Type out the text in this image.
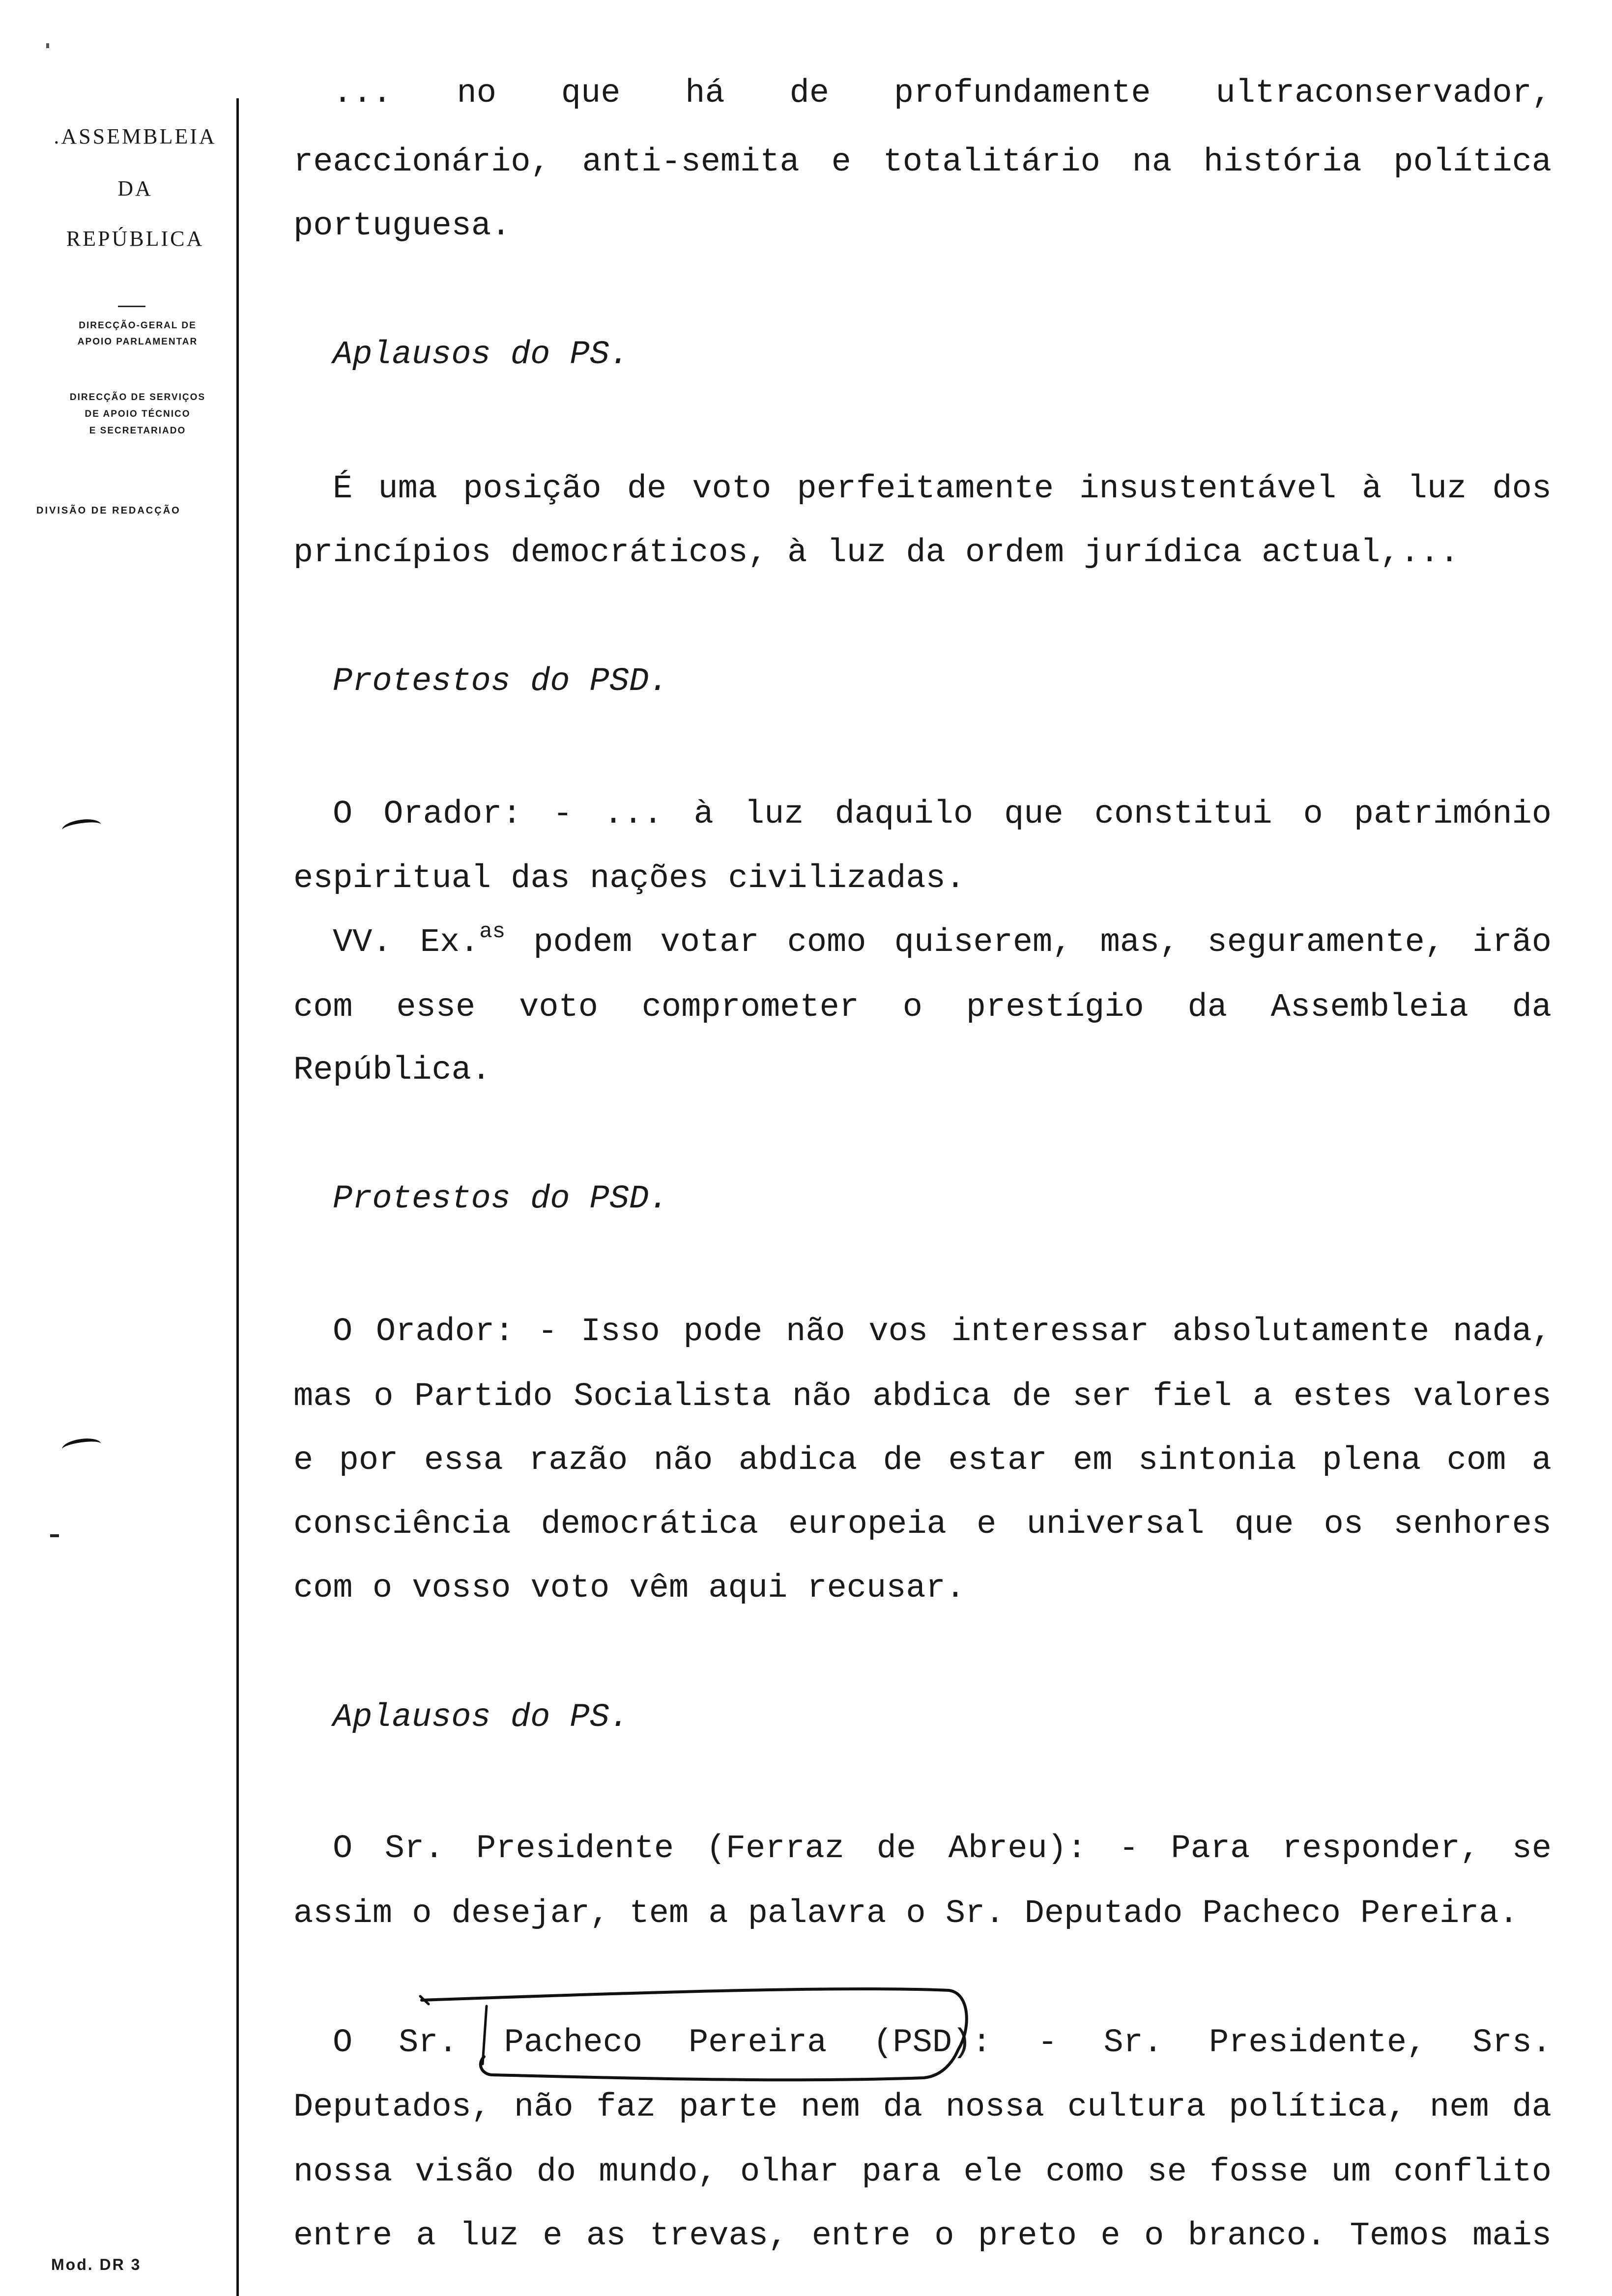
.ASSEMBLEIA
DA
REPÚBLICA
DIRECÇÃO-GERAL DE
APOIO PARLAMENTAR
DIRECÇÃO DE SERVIÇOS
DE APOIO TÉCNICO
E SECRETARIADO
DIVISÃO DE REDACÇÃO
Mod. DR 3
... no que há de profundamente ultraconservador,
reaccionário, anti-semita e totalitário na história política
portuguesa.
Aplausos do PS.
É uma posição de voto perfeitamente insustentável à luz dos
princípios democráticos, à luz da ordem jurídica actual,...
Protestos do PSD.
O Orador: - ... à luz daquilo que constitui o património
espiritual das nações civilizadas.
VV. Ex.$^{as}$ podem votar como quiserem, mas, seguramente, irão
com esse voto comprometer o prestígio da Assembleia da
República.
Protestos do PSD.
O Orador: - Isso pode não vos interessar absolutamente nada,
mas o Partido Socialista não abdica de ser fiel a estes valores
e por essa razão não abdica de estar em sintonia plena com a
consciência democrática europeia e universal que os senhores
com o vosso voto vêm aqui recusar.
Aplausos do PS.
O Sr. Presidente (Ferraz de Abreu): - Para responder, se
assim o desejar, tem a palavra o Sr. Deputado Pacheco Pereira.
O Sr. Pacheco Pereira (PSD): - Sr. Presidente, Srs.
Deputados, não faz parte nem da nossa cultura política, nem da
nossa visão do mundo, olhar para ele como se fosse um conflito
entre a luz e as trevas, entre o preto e o branco. Temos mais
